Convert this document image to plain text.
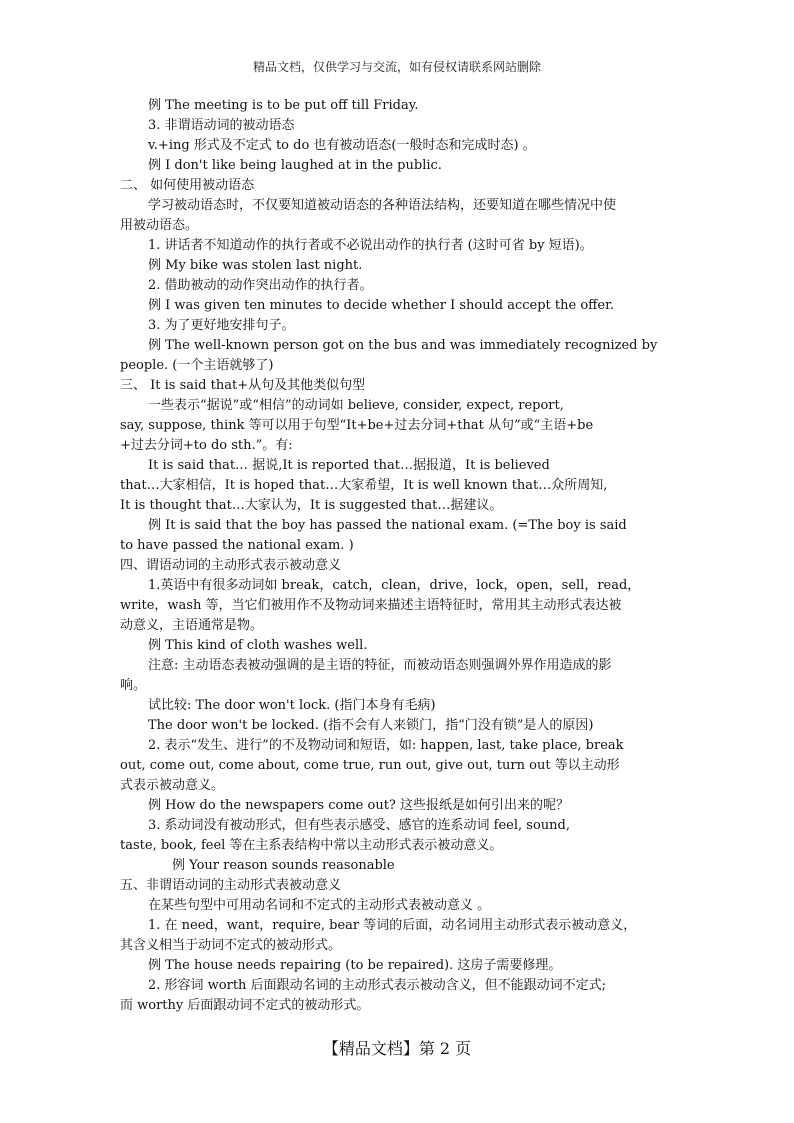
精品文档，仅供学习与交流，如有侵权请联系网站删除
例 The meeting is to be put off till Friday.
3. 非谓语动词的被动语态
v.+ing 形式及不定式 to do 也有被动语态(一般时态和完成时态) 。
例 I don't like being laughed at in the public.
二、 如何使用被动语态
学习被动语态时，不仅要知道被动语态的各种语法结构，还要知道在哪些情况中使
用被动语态。
1. 讲话者不知道动作的执行者或不必说出动作的执行者 (这时可省 by 短语)。
例 My bike was stolen last night.
2. 借助被动的动作突出动作的执行者。
例 I was given ten minutes to decide whether I should accept the offer.
3. 为了更好地安排句子。
例 The well-known person got on the bus and was immediately recognized by
people. (一个主语就够了)
三、 It is said that+从句及其他类似句型
一些表示“据说”或“相信”的动词如 believe, consider, expect, report,
say, suppose, think 等可以用于句型“It+be+过去分词+that 从句”或“主语+be
+过去分词+to do sth.”。有:
It is said that… 据说,It is reported that…据报道，It is believed
that…大家相信，It is hoped that…大家希望，It is well known that…众所周知,
It is thought that…大家认为，It is suggested that…据建议。
例 It is said that the boy has passed the national exam. (=The boy is said
to have passed the national exam. )
四、谓语动词的主动形式表示被动意义
1.英语中有很多动词如 break，catch，clean，drive，lock，open，sell，read，
write，wash 等，当它们被用作不及物动词来描述主语特征时，常用其主动形式表达被
动意义，主语通常是物。
例 This kind of cloth washes well.
注意: 主动语态表被动强调的是主语的特征，而被动语态则强调外界作用造成的影
响。
试比较: The door won't lock. (指门本身有毛病)
The door won't be locked. (指不会有人来锁门，指“门没有锁”是人的原因)
2. 表示“发生、进行”的不及物动词和短语，如: happen, last, take place, break
out, come out, come about, come true, run out, give out, turn out 等以主动形
式表示被动意义。
例 How do the newspapers come out? 这些报纸是如何引出来的呢？
3. 系动词没有被动形式，但有些表示感受、感官的连系动词 feel, sound,
taste, book, feel 等在主系表结构中常以主动形式表示被动意义。
例 Your reason sounds reasonable
五、非谓语动词的主动形式表被动意义
在某些句型中可用动名词和不定式的主动形式表被动意义 。
1. 在 need，want，require, bear 等词的后面，动名词用主动形式表示被动意义，
其含义相当于动词不定式的被动形式。
例 The house needs repairing (to be repaired). 这房子需要修理。
2. 形容词 worth 后面跟动名词的主动形式表示被动含义，但不能跟动词不定式;
而 worthy 后面跟动词不定式的被动形式。
【精品文档】第 2 页
